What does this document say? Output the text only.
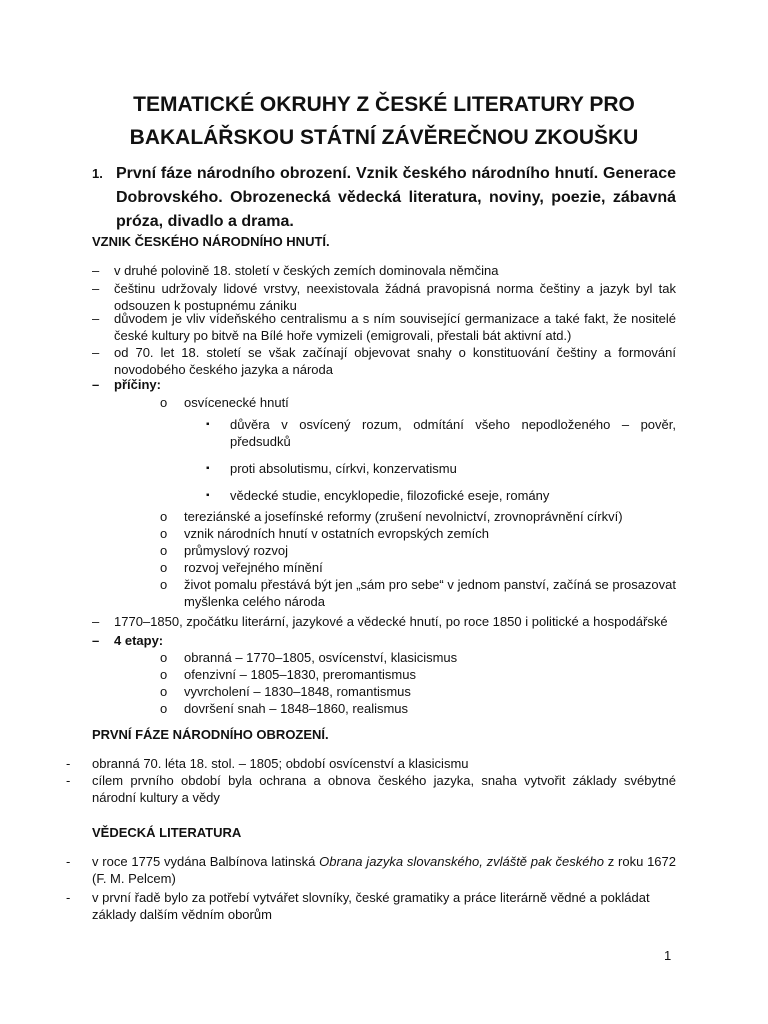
TEMATICKÉ OKRUHY Z ČESKÉ LITERATURY PRO
BAKALÁŘSKOU STÁTNÍ ZÁVĚREČNOU ZKOUŠKU
1. První fáze národního obrození. Vznik českého národního hnutí. Generace Dobrovského. Obrozenecká vědecká literatura, noviny, poezie, zábavná próza, divadlo a drama.

VZNIK ČESKÉHO NÁRODNÍHO HNUTÍ.
– v druhé polovině 18. století v českých zemích dominovala němčina
– češtinu udržovaly lidové vrstvy, neexistovala žádná pravopisná norma češtiny a jazyk byl tak odsouzen k postupnému zániku
– důvodem je vliv vídeňského centralismu a s ním související germanizace a také fakt, že nositelé české kultury po bitvě na Bílé hoře vymizeli (emigrovali, přestali bát aktivní atd.)
– od 70. let 18. století se však začínají objevovat snahy o konstituování češtiny a formování novodobého českého jazyka a národa
– příčiny:
o osvícenecké hnutí
▪ důvěra v osvícený rozum, odmítání všeho nepodloženého – pověr, předsudků
▪ proti absolutismu, církvi, konzervatismu
▪ vědecké studie, encyklopedie, filozofické eseje, romány
o tereziánské a josefínské reformy (zrušení nevolnictví, zrovnoprávnění církví)
o vznik národních hnutí v ostatních evropských zemích
o průmyslový rozvoj
o rozvoj veřejného mínění
o život pomalu přestává být jen „sám pro sebe“ v jednom panství, začíná se prosazovat myšlenka celého národa
– 1770–1850, zpočátku literární, jazykové a vědecké hnutí, po roce 1850 i politické a hospodářské
– 4 etapy:
o obranná – 1770–1805, osvícenství, klasicismus
o ofenzivní – 1805–1830, preromantismus
o vyvrcholení – 1830–1848, romantismus
o dovršení snah – 1848–1860, realismus
PRVNÍ FÁZE NÁRODNÍHO OBROZENÍ.
- obranná 70. léta 18. stol. – 1805; období osvícenství a klasicismu
- cílem prvního období byla ochrana a obnova českého jazyka, snaha vytvořit základy svébytné národní kultury a vědy
VĚDECKÁ LITERATURA
- v roce 1775 vydána Balbínova latinská Obrana jazyka slovanského, zvláště pak českého z roku 1672 (F. M. Pelcem)
- v první řadě bylo za potřebí vytvářet slovníky, české gramatiky a práce literárně vědné a pokládat základy dalším vědním oborům
1
